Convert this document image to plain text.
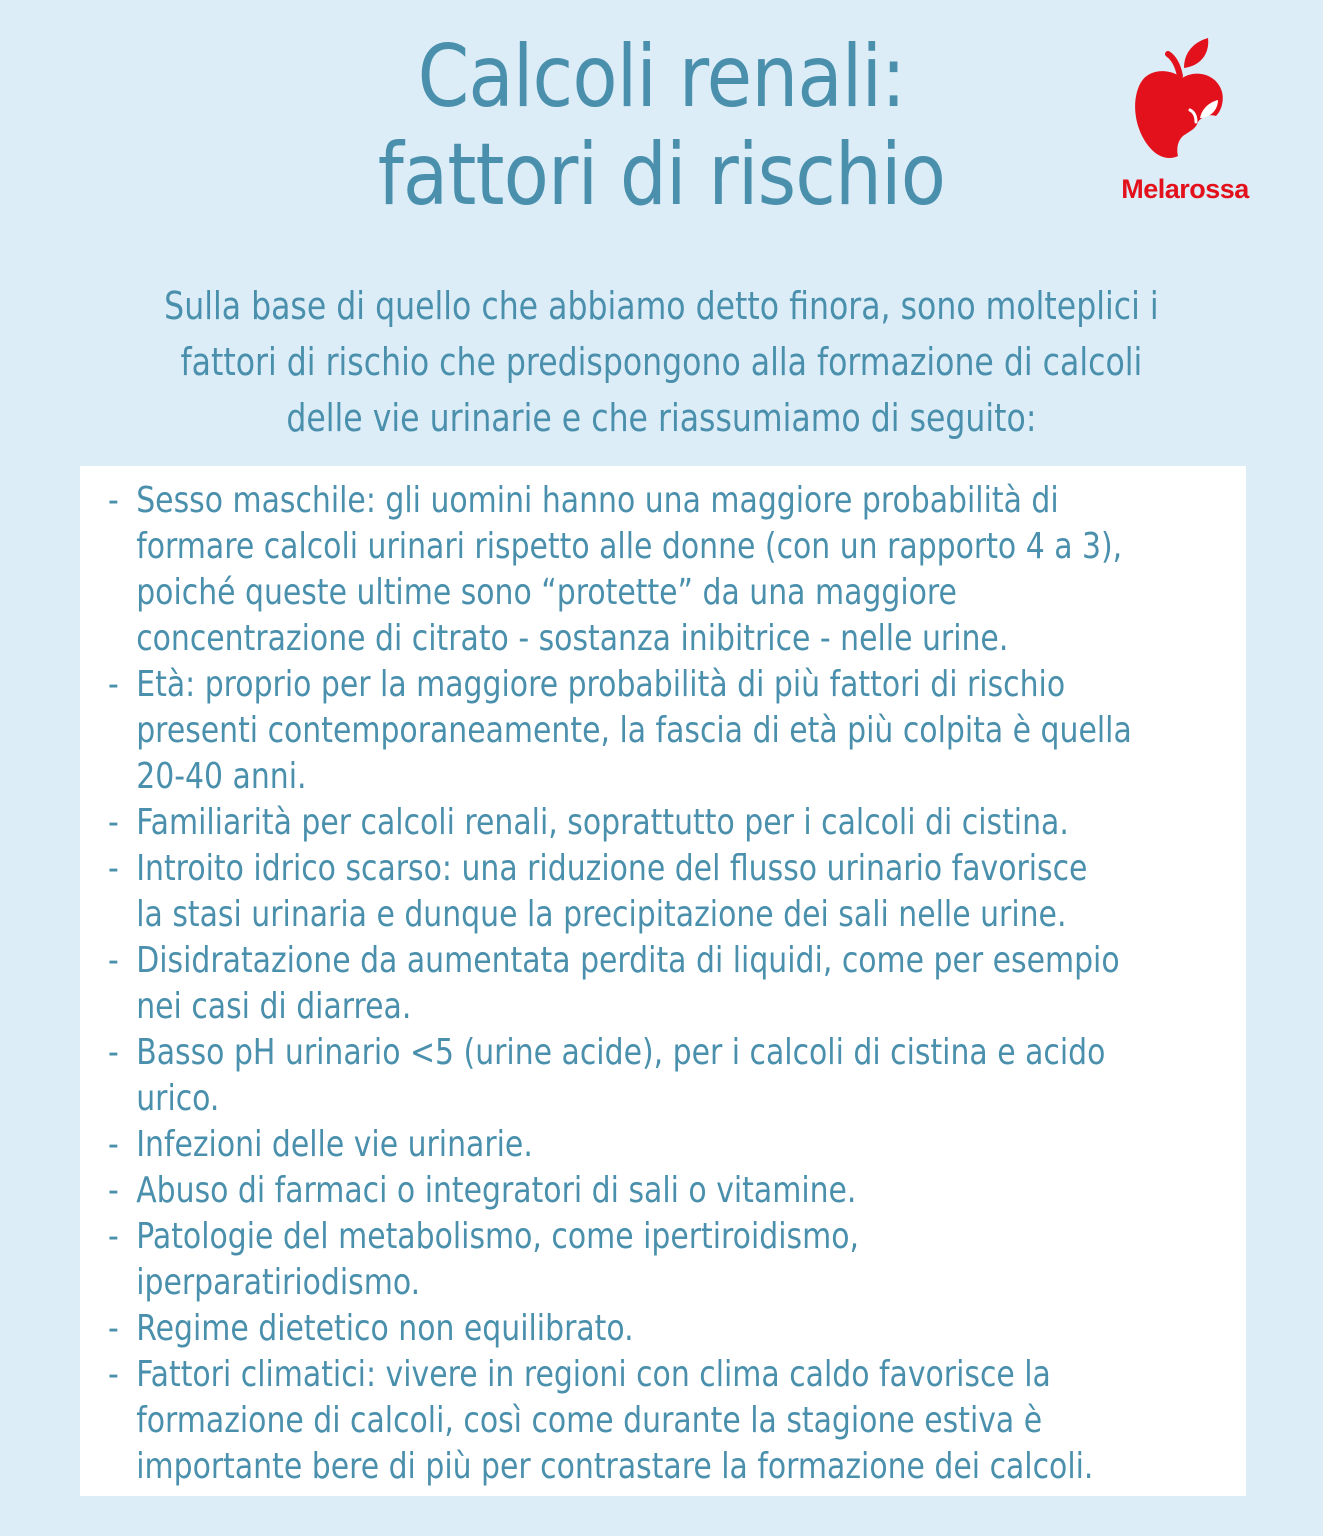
Calcoli renali:
fattori di rischio	Melarossa

Sulla base di quello che abbiamo detto finora, sono molteplici i
fattori di rischio che predispongono alla formazione di calcoli
delle vie urinarie e che riassumiamo di seguito:

- Sesso maschile: gli uomini hanno una maggiore probabilità di
formare calcoli urinari rispetto alle donne (con un rapporto 4 a 3),
poiché queste ultime sono “protette” da una maggiore
concentrazione di citrato - sostanza inibitrice - nelle urine.
- Età: proprio per la maggiore probabilità di più fattori di rischio
presenti contemporaneamente, la fascia di età più colpita è quella
20-40 anni.
- Familiarità per calcoli renali, soprattutto per i calcoli di cistina.
- Introito idrico scarso: una riduzione del flusso urinario favorisce
la stasi urinaria e dunque la precipitazione dei sali nelle urine.
- Disidratazione da aumentata perdita di liquidi, come per esempio
nei casi di diarrea.
- Basso pH urinario <5 (urine acide), per i calcoli di cistina e acido
urico.
- Infezioni delle vie urinarie.
- Abuso di farmaci o integratori di sali o vitamine.
- Patologie del metabolismo, come ipertiroidismo,
iperparatiriodismo.
- Regime dietetico non equilibrato.
- Fattori climatici: vivere in regioni con clima caldo favorisce la
formazione di calcoli, così come durante la stagione estiva è
importante bere di più per contrastare la formazione dei calcoli.
